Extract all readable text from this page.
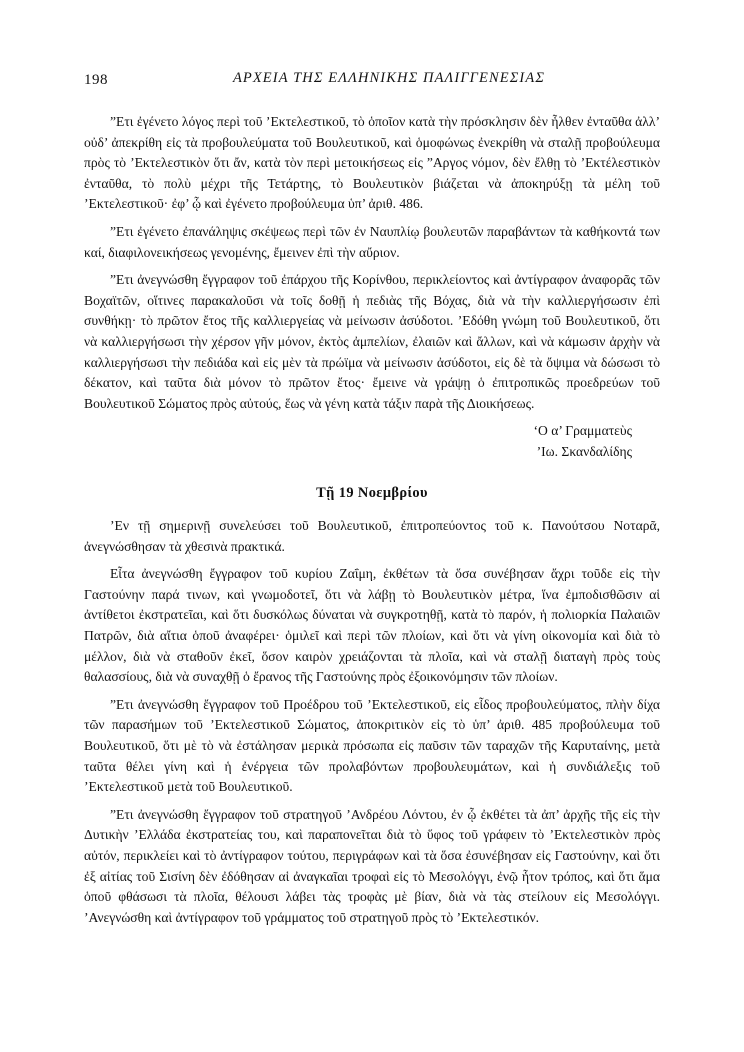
198	ΑΡΧΕΙΑ ΤΗΣ ΕΛΛΗΝΙΚΗΣ ΠΑΛΙΓΓΕΝΕΣΙΑΣ

”Ετι ἐγένετο λόγος περὶ τοῦ ’Εκτελεστικοῦ, τὸ ὁποῖον κατὰ τὴν πρόσκλησιν δὲν ἦλθεν ἐνταῦθα ἀλλ’ οὐδ’ ἀπεκρίθη εἰς τὰ προβουλεύματα τοῦ Βουλευτικοῦ, καὶ ὁμοφώνως ἐνεκρίθη νὰ σταλῇ προβούλευμα πρὸς τὸ ’Εκτελεστικὸν ὅτι ἄν, κατὰ τὸν περὶ μετοικήσεως εἰς ”Αργος νόμον, δὲν ἔλθῃ τὸ ’Εκτέλεστικὸν ἐνταῦθα, τὸ πολὺ μέχρι τῆς Τετάρτης, τὸ Βουλευτικὸν βιάζεται νὰ ἀποκηρύξῃ τὰ μέλη τοῦ ’Εκτελεστικοῦ· ἐφ’ ᾧ καὶ ἐγένετο προβούλευμα ὑπ’ ἀριθ. 486.

”Ετι ἐγένετο ἐπανάληψις σκέψεως περὶ τῶν ἐν Ναυπλίῳ βουλευτῶν παραβάντων τὰ καθήκοντά των καί, διαφιλονεικήσεως γενομένης, ἔμεινεν ἐπὶ τὴν αὔριον.

”Ετι ἀνεγνώσθη ἔγγραφον τοῦ ἐπάρχου τῆς Κορίνθου, περικλείοντος καὶ ἀντίγραφον ἀναφορᾶς τῶν Βοχαϊτῶν, οἵτινες παρακαλοῦσι νὰ τοῖς δοθῇ ἡ πεδιὰς τῆς Βόχας, διὰ νὰ τὴν καλλιεργήσωσιν ἐπὶ συνθήκῃ· τὸ πρῶτον ἔτος τῆς καλλιεργείας νὰ μείνωσιν ἀσύδοτοι. ’Εδόθη γνώμη τοῦ Βουλευτικοῦ, ὅτι νὰ καλλιεργήσωσι τὴν χέρσον γῆν μόνον, ἐκτὸς ἀμπελίων, ἐλαιῶν καὶ ἄλλων, καὶ νὰ κάμωσιν ἀρχὴν νὰ καλλιεργήσωσι τὴν πεδιάδα καὶ εἰς μὲν τὰ πρώϊμα νὰ μείνωσιν ἀσύδοτοι, εἰς δὲ τὰ ὄψιμα νὰ δώσωσι τὸ δέκατον, καὶ ταῦτα διὰ μόνον τὸ πρῶτον ἔτος· ἔμεινε νὰ γράψῃ ὁ ἐπιτροπικῶς προεδρεύων τοῦ Βουλευτικοῦ Σώματος πρὸς αὐτούς, ἕως νὰ γένη κατὰ τάξιν παρὰ τῆς Διοικήσεως.

‘Ο α’ Γραμματεὺς
’Ιω. Σκανδαλίδης
Τῇ 19 Νοεμβρίου

’Εν τῇ σημερινῇ συνελεύσει τοῦ Βουλευτικοῦ, ἐπιτροπεύοντος τοῦ κ. Πανούτσου Νοταρᾶ, ἀνεγνώσθησαν τὰ χθεσινὰ πρακτικά.

Εἶτα ἀνεγνώσθη ἔγγραφον τοῦ κυρίου Ζαΐμη, ἐκθέτων τὰ ὅσα συνέβησαν ἄχρι τοῦδε εἰς τὴν Γαστούνην παρά τινων, καὶ γνωμοδοτεῖ, ὅτι νὰ λάβῃ τὸ Βουλευτικὸν μέτρα, ἵνα ἐμποδισθῶσιν αἱ ἀντίθετοι ἐκστρατεῖαι, καὶ ὅτι δυσκόλως δύναται νὰ συγκροτηθῇ, κατὰ τὸ παρόν, ἡ πολιορκία Παλαιῶν Πατρῶν, διὰ αἴτια ὁποῦ ἀναφέρει· ὁμιλεῖ καὶ περὶ τῶν πλοίων, καὶ ὅτι νὰ γίνη οἰκονομία καὶ διὰ τὸ μέλλον, διὰ νὰ σταθοῦν ἐκεῖ, ὅσον καιρὸν χρειάζονται τὰ πλοῖα, καὶ νὰ σταλῇ διαταγὴ πρὸς τοὺς θαλασσίους, διὰ νὰ συναχθῇ ὁ ἔρανος τῆς Γαστούνης πρὸς ἐξοικονόμησιν τῶν πλοίων.

”Ετι ἀνεγνώσθη ἔγγραφον τοῦ Προέδρου τοῦ ’Εκτελεστικοῦ, εἰς εἶδος προβουλεύματος, πλὴν δίχα τῶν παρασήμων τοῦ ’Εκτελεστικοῦ Σώματος, ἀποκριτικὸν εἰς τὸ ὑπ’ ἀριθ. 485 προβούλευμα τοῦ Βουλευτικοῦ, ὅτι μὲ τὸ νὰ ἐστάλησαν μερικὰ πρόσωπα εἰς παῦσιν τῶν ταραχῶν τῆς Καρυταίνης, μετὰ ταῦτα θέλει γίνη καὶ ἡ ἐνέργεια τῶν προλαβόντων προβουλευμάτων, καὶ ἡ συνδιάλεξις τοῦ ’Εκτελεστικοῦ μετὰ τοῦ Βουλευτικοῦ.

”Ετι ἀνεγνώσθη ἔγγραφον τοῦ στρατηγοῦ ’Ανδρέου Λόντου, ἐν ᾧ ἐκθέτει τὰ ἀπ’ ἀρχῆς τῆς εἰς τὴν Δυτικὴν ’Ελλάδα ἐκστρατείας του, καὶ παραπονεῖται διὰ τὸ ὕφος τοῦ γράφειν τὸ ’Εκτελεστικὸν πρὸς αὐτόν, περικλείει καὶ τὸ ἀντίγραφον τούτου, περιγράφων καὶ τὰ ὅσα ἐσυνέβησαν εἰς Γαστούνην, καὶ ὅτι ἐξ αἰτίας τοῦ Σισίνη δὲν ἐδόθησαν αἱ ἀναγκαῖαι τροφαὶ εἰς τὸ Μεσολόγγι, ἐνῷ ἦτον τρόπος, καὶ ὅτι ἅμα ὁποῦ φθάσωσι τὰ πλοῖα, θέλουσι λάβει τὰς τροφὰς μὲ βίαν, διὰ νὰ τὰς στείλουν εἰς Μεσολόγγι. ’Ανεγνώσθη καὶ ἀντίγραφον τοῦ γράμματος τοῦ στρατηγοῦ πρὸς τὸ ’Εκτελεστικόν.
